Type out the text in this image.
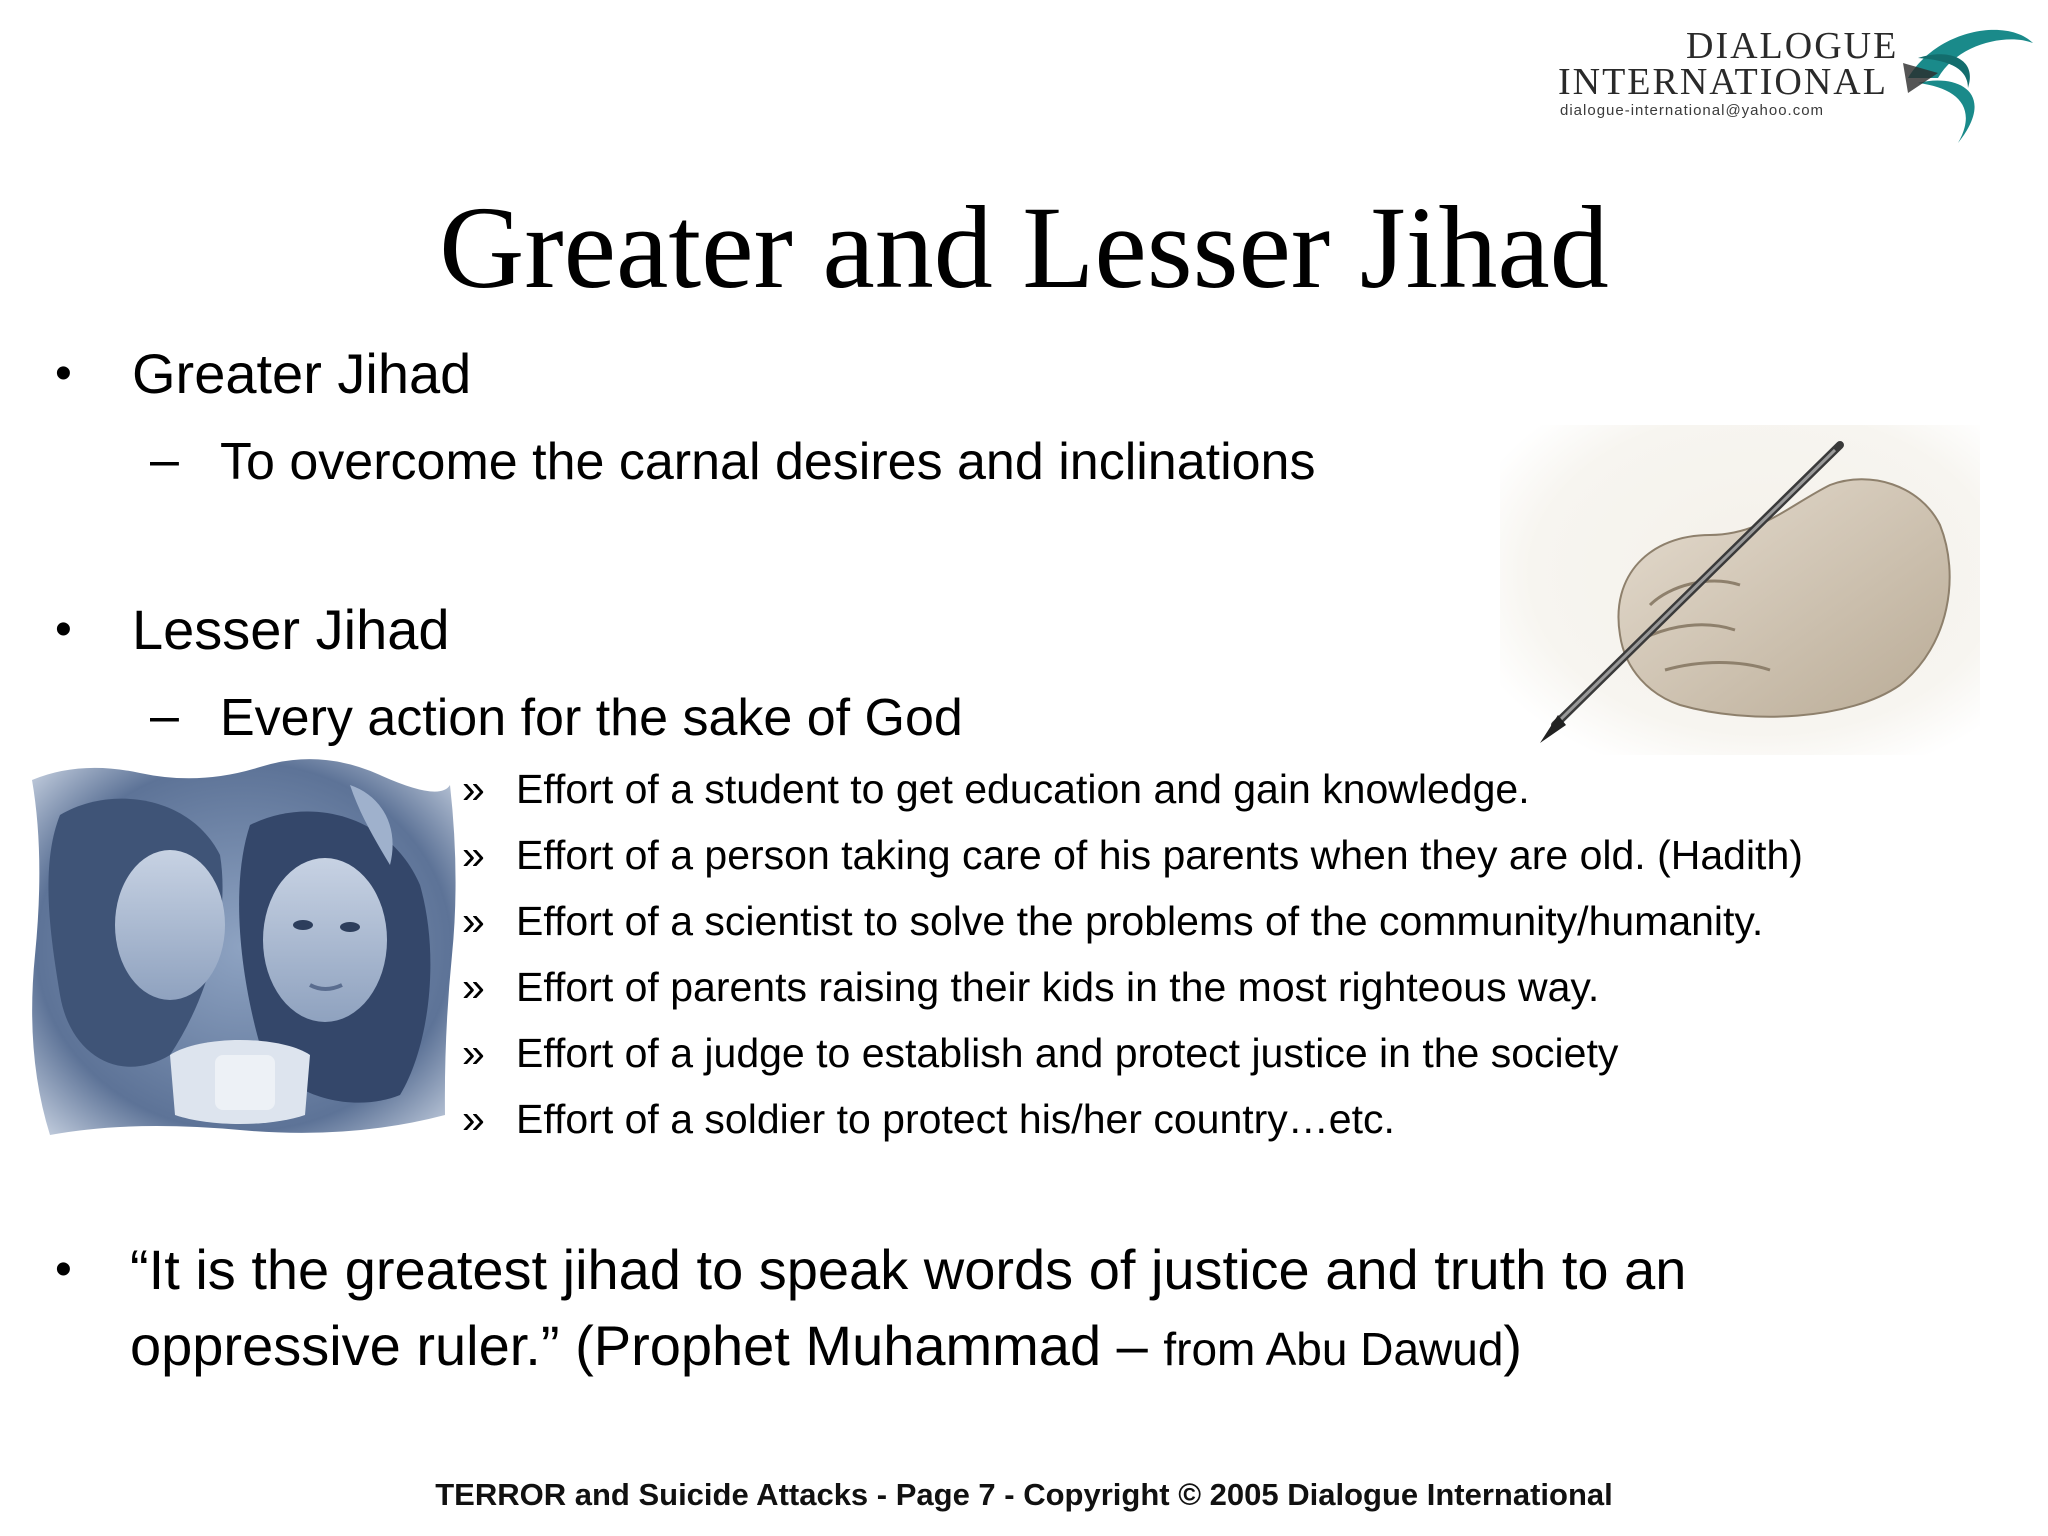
DIALOGUE
INTERNATIONAL
dialogue-international@yahoo.com
Greater and Lesser Jihad
• Greater Jihad
– To overcome the carnal desires and inclinations
• Lesser Jihad
– Every action for the sake of God
» Effort of a student to get education and gain knowledge.
» Effort of a person taking care of his parents when they are old. (Hadith)
» Effort of a scientist to solve the problems of the community/humanity.
» Effort of parents raising their kids in the most righteous way.
» Effort of a judge to establish and protect justice in the society
» Effort of a soldier to protect his/her country…etc.
• “It is the greatest jihad to speak words of justice and truth to an oppressive ruler.” (Prophet Muhammad – from Abu Dawud)
TERROR and Suicide Attacks - Page 7 - Copyright © 2005 Dialogue International
